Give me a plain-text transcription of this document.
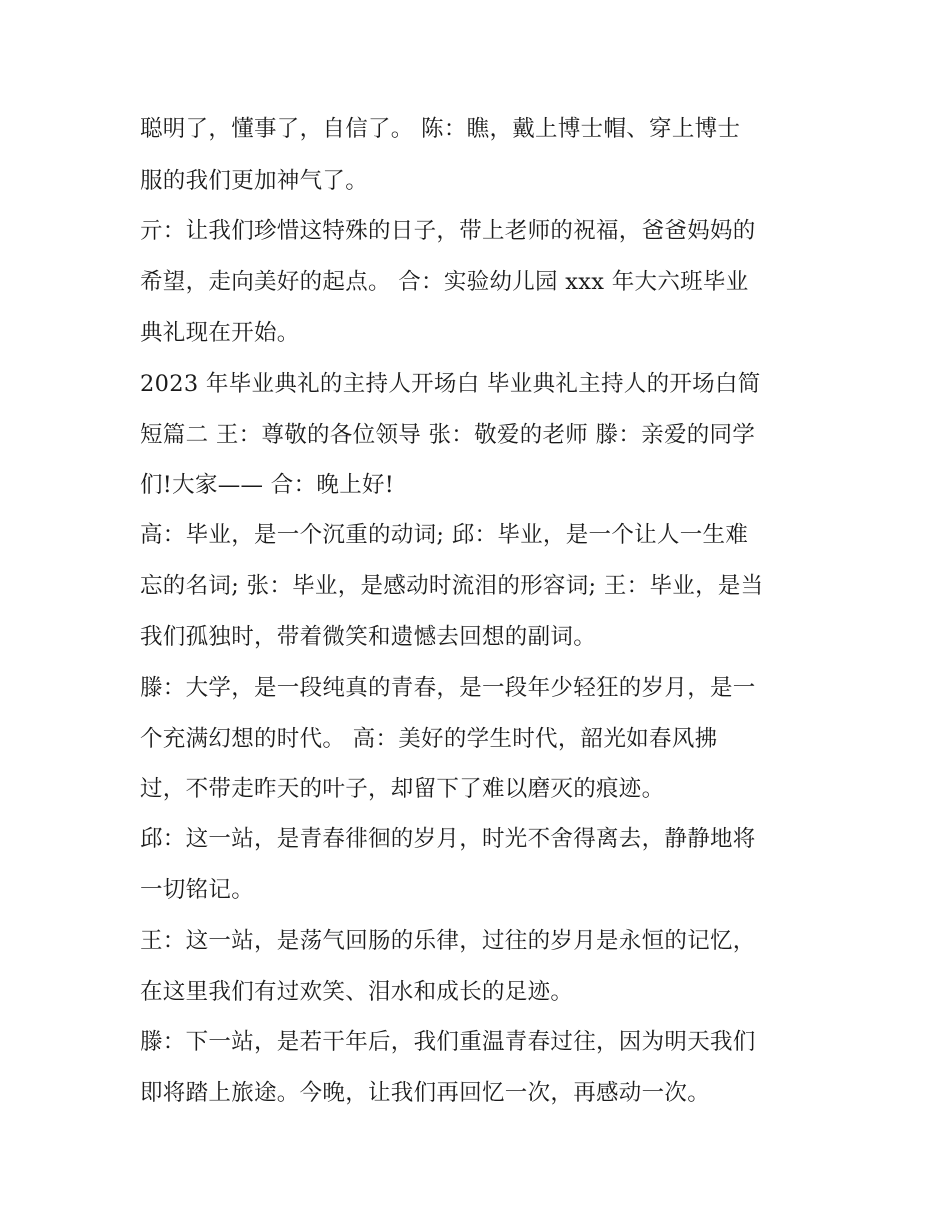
聪明了，懂事了，自信了。 陈：瞧，戴上博士帽、穿上博士
服的我们更加神气了。
亓：让我们珍惜这特殊的日子，带上老师的祝福，爸爸妈妈的
希望，走向美好的起点。 合：实验幼儿园 xxx 年大六班毕业
典礼现在开始。
2023 年毕业典礼的主持人开场白 毕业典礼主持人的开场白简
短篇二 王：尊敬的各位领导 张：敬爱的老师 滕：亲爱的同学
们!大家—— 合：晚上好!
高：毕业，是一个沉重的动词; 邱：毕业，是一个让人一生难
忘的名词; 张：毕业，是感动时流泪的形容词; 王：毕业，是当
我们孤独时，带着微笑和遗憾去回想的副词。
滕：大学，是一段纯真的青春，是一段年少轻狂的岁月，是一
个充满幻想的时代。 高：美好的学生时代，韶光如春风拂
过，不带走昨天的叶子，却留下了难以磨灭的痕迹。
邱：这一站，是青春徘徊的岁月，时光不舍得离去，静静地将
一切铭记。
王：这一站，是荡气回肠的乐律，过往的岁月是永恒的记忆，
在这里我们有过欢笑、泪水和成长的足迹。
滕：下一站，是若干年后，我们重温青春过往，因为明天我们
即将踏上旅途。今晚，让我们再回忆一次，再感动一次。
